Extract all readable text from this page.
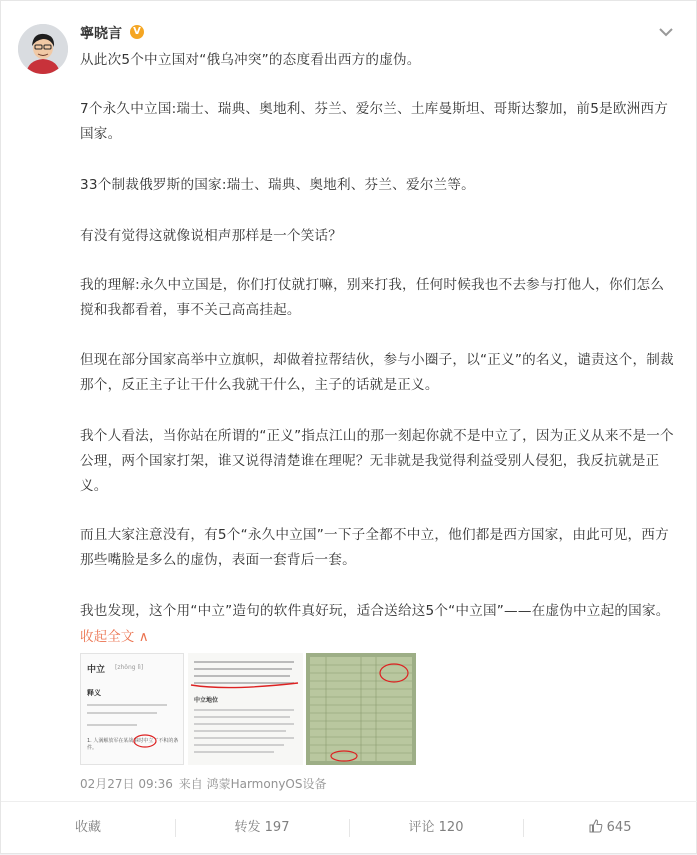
寧晓言	V

从此次5个中立国对“俄乌冲突”的态度看出西方的虚伪。

7个永久中立国:瑞士、瑞典、奥地利、芬兰、爱尔兰、土库曼斯坦、哥斯达黎加，前5是欧洲西方国家。

33个制裁俄罗斯的国家:瑞士、瑞典、奥地利、芬兰、爱尔兰等。

有没有觉得这就像说相声那样是一个笑话？

我的理解:永久中立国是，你们打仗就打嘛，别来打我，任何时候我也不去参与打他人，你们怎么搅和我都看着，事不关己高高挂起。

但现在部分国家高举中立旗帜，却做着拉帮结伙，参与小圈子，以“正义”的名义，谴责这个，制裁那个，反正主子让干什么我就干什么，主子的话就是正义。

我个人看法，当你站在所谓的“正义”指点江山的那一刻起你就不是中立了，因为正义从来不是一个公理，两个国家打架，谁又说得清楚谁在理呢？无非就是我觉得利益受别人侵犯，我反抗就是正义。

而且大家注意没有，有5个“永久中立国”一下子全都不中立，他们都是西方国家，由此可见，西方那些嘴脸是多么的虚伪，表面一套背后一套。

我也发现，这个用“中立”造句的软件真好玩，适合送给这5个“中立国”——在虚伪中立起的国家。

收起全文 ∧
中立 [zhōng lì]
释义
1. 人满解放军在某战事时中立了不积的条件。
中立地位
02月27日 09:36 来自 鸿蒙HarmonyOS设备
收藏	转发 197	评论 120	645
